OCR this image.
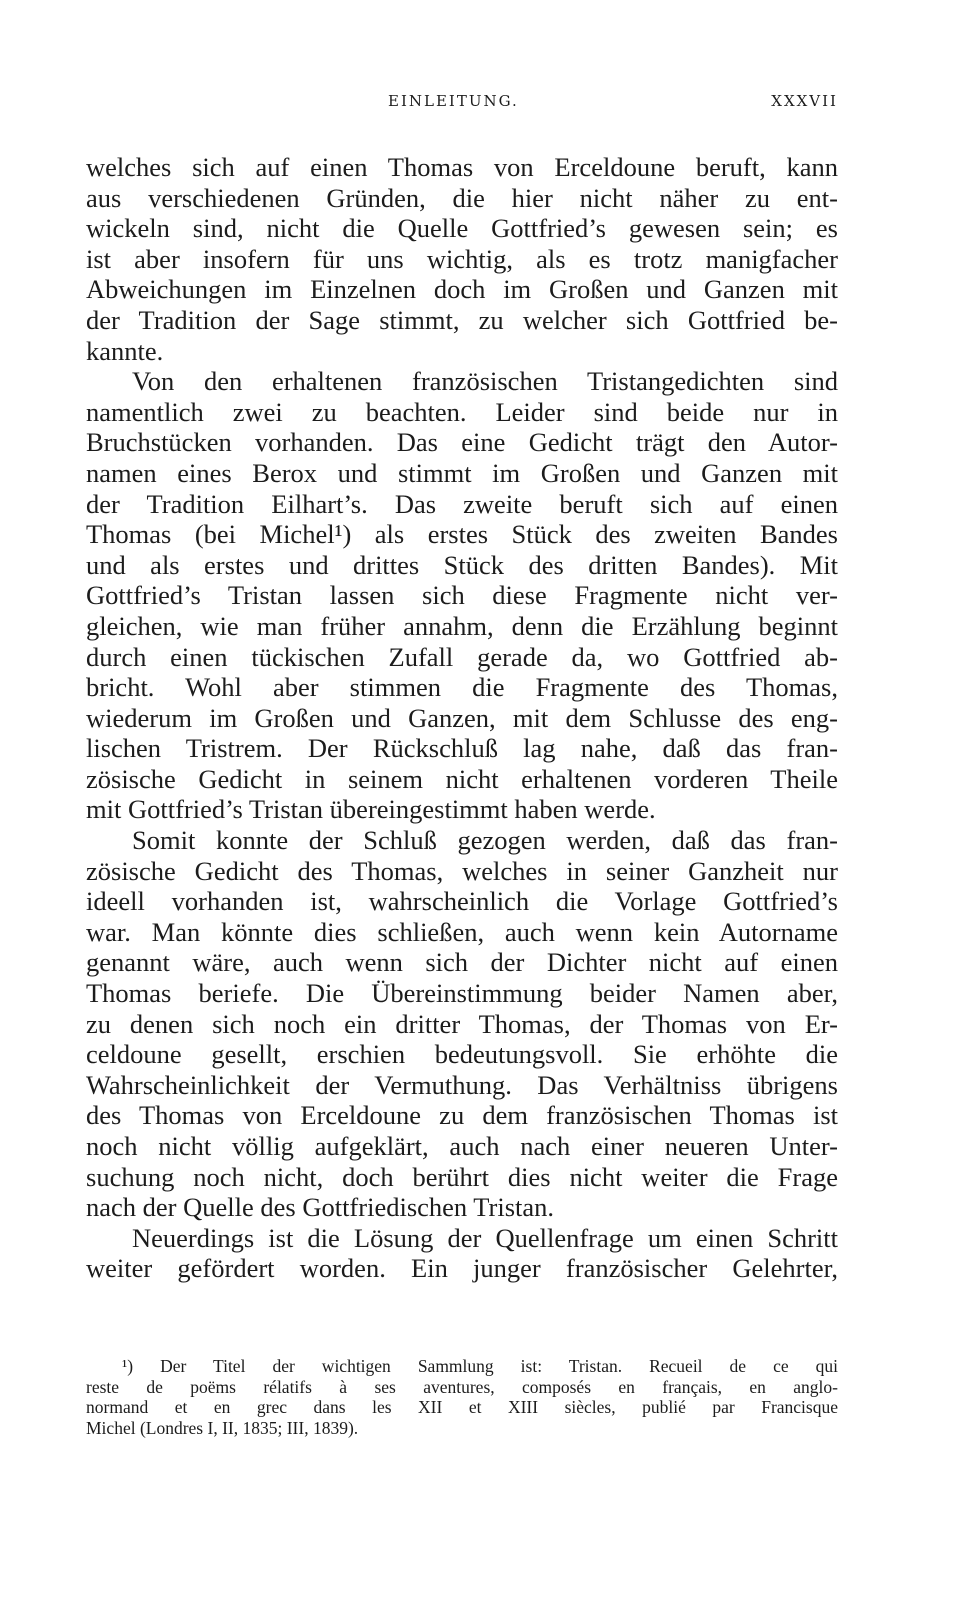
EINLEITUNG.	XXXVII
welches sich auf einen Thomas von Erceldoune beruft, kann
aus verschiedenen Gründen, die hier nicht näher zu ent-
wickeln sind, nicht die Quelle Gottfried’s gewesen sein; es
ist aber insofern für uns wichtig, als es trotz manigfacher
Abweichungen im Einzelnen doch im Großen und Ganzen mit
der Tradition der Sage stimmt, zu welcher sich Gottfried be-
kannte.
Von den erhaltenen französischen Tristangedichten sind
namentlich zwei zu beachten. Leider sind beide nur in
Bruchstücken vorhanden. Das eine Gedicht trägt den Autor-
namen eines Berox und stimmt im Großen und Ganzen mit
der Tradition Eilhart’s. Das zweite beruft sich auf einen
Thomas (bei Michel¹) als erstes Stück des zweiten Bandes
und als erstes und drittes Stück des dritten Bandes). Mit
Gottfried’s Tristan lassen sich diese Fragmente nicht ver-
gleichen, wie man früher annahm, denn die Erzählung beginnt
durch einen tückischen Zufall gerade da, wo Gottfried ab-
bricht. Wohl aber stimmen die Fragmente des Thomas,
wiederum im Großen und Ganzen, mit dem Schlusse des eng-
lischen Tristrem. Der Rückschluß lag nahe, daß das fran-
zösische Gedicht in seinem nicht erhaltenen vorderen Theile
mit Gottfried’s Tristan übereingestimmt haben werde.
Somit konnte der Schluß gezogen werden, daß das fran-
zösische Gedicht des Thomas, welches in seiner Ganzheit nur
ideell vorhanden ist, wahrscheinlich die Vorlage Gottfried’s
war. Man könnte dies schließen, auch wenn kein Autorname
genannt wäre, auch wenn sich der Dichter nicht auf einen
Thomas beriefe. Die Übereinstimmung beider Namen aber,
zu denen sich noch ein dritter Thomas, der Thomas von Er-
celdoune gesellt, erschien bedeutungsvoll. Sie erhöhte die
Wahrscheinlichkeit der Vermuthung. Das Verhältniss übrigens
des Thomas von Erceldoune zu dem französischen Thomas ist
noch nicht völlig aufgeklärt, auch nach einer neueren Unter-
suchung noch nicht, doch berührt dies nicht weiter die Frage
nach der Quelle des Gottfriedischen Tristan.
Neuerdings ist die Lösung der Quellenfrage um einen Schritt
weiter gefördert worden. Ein junger französischer Gelehrter,
¹) Der Titel der wichtigen Sammlung ist: Tristan. Recueil de ce qui
reste de poëms rélatifs à ses aventures, composés en français, en anglo-
normand et en grec dans les XII et XIII siècles, publié par Francisque
Michel (Londres I, II, 1835; III, 1839).
